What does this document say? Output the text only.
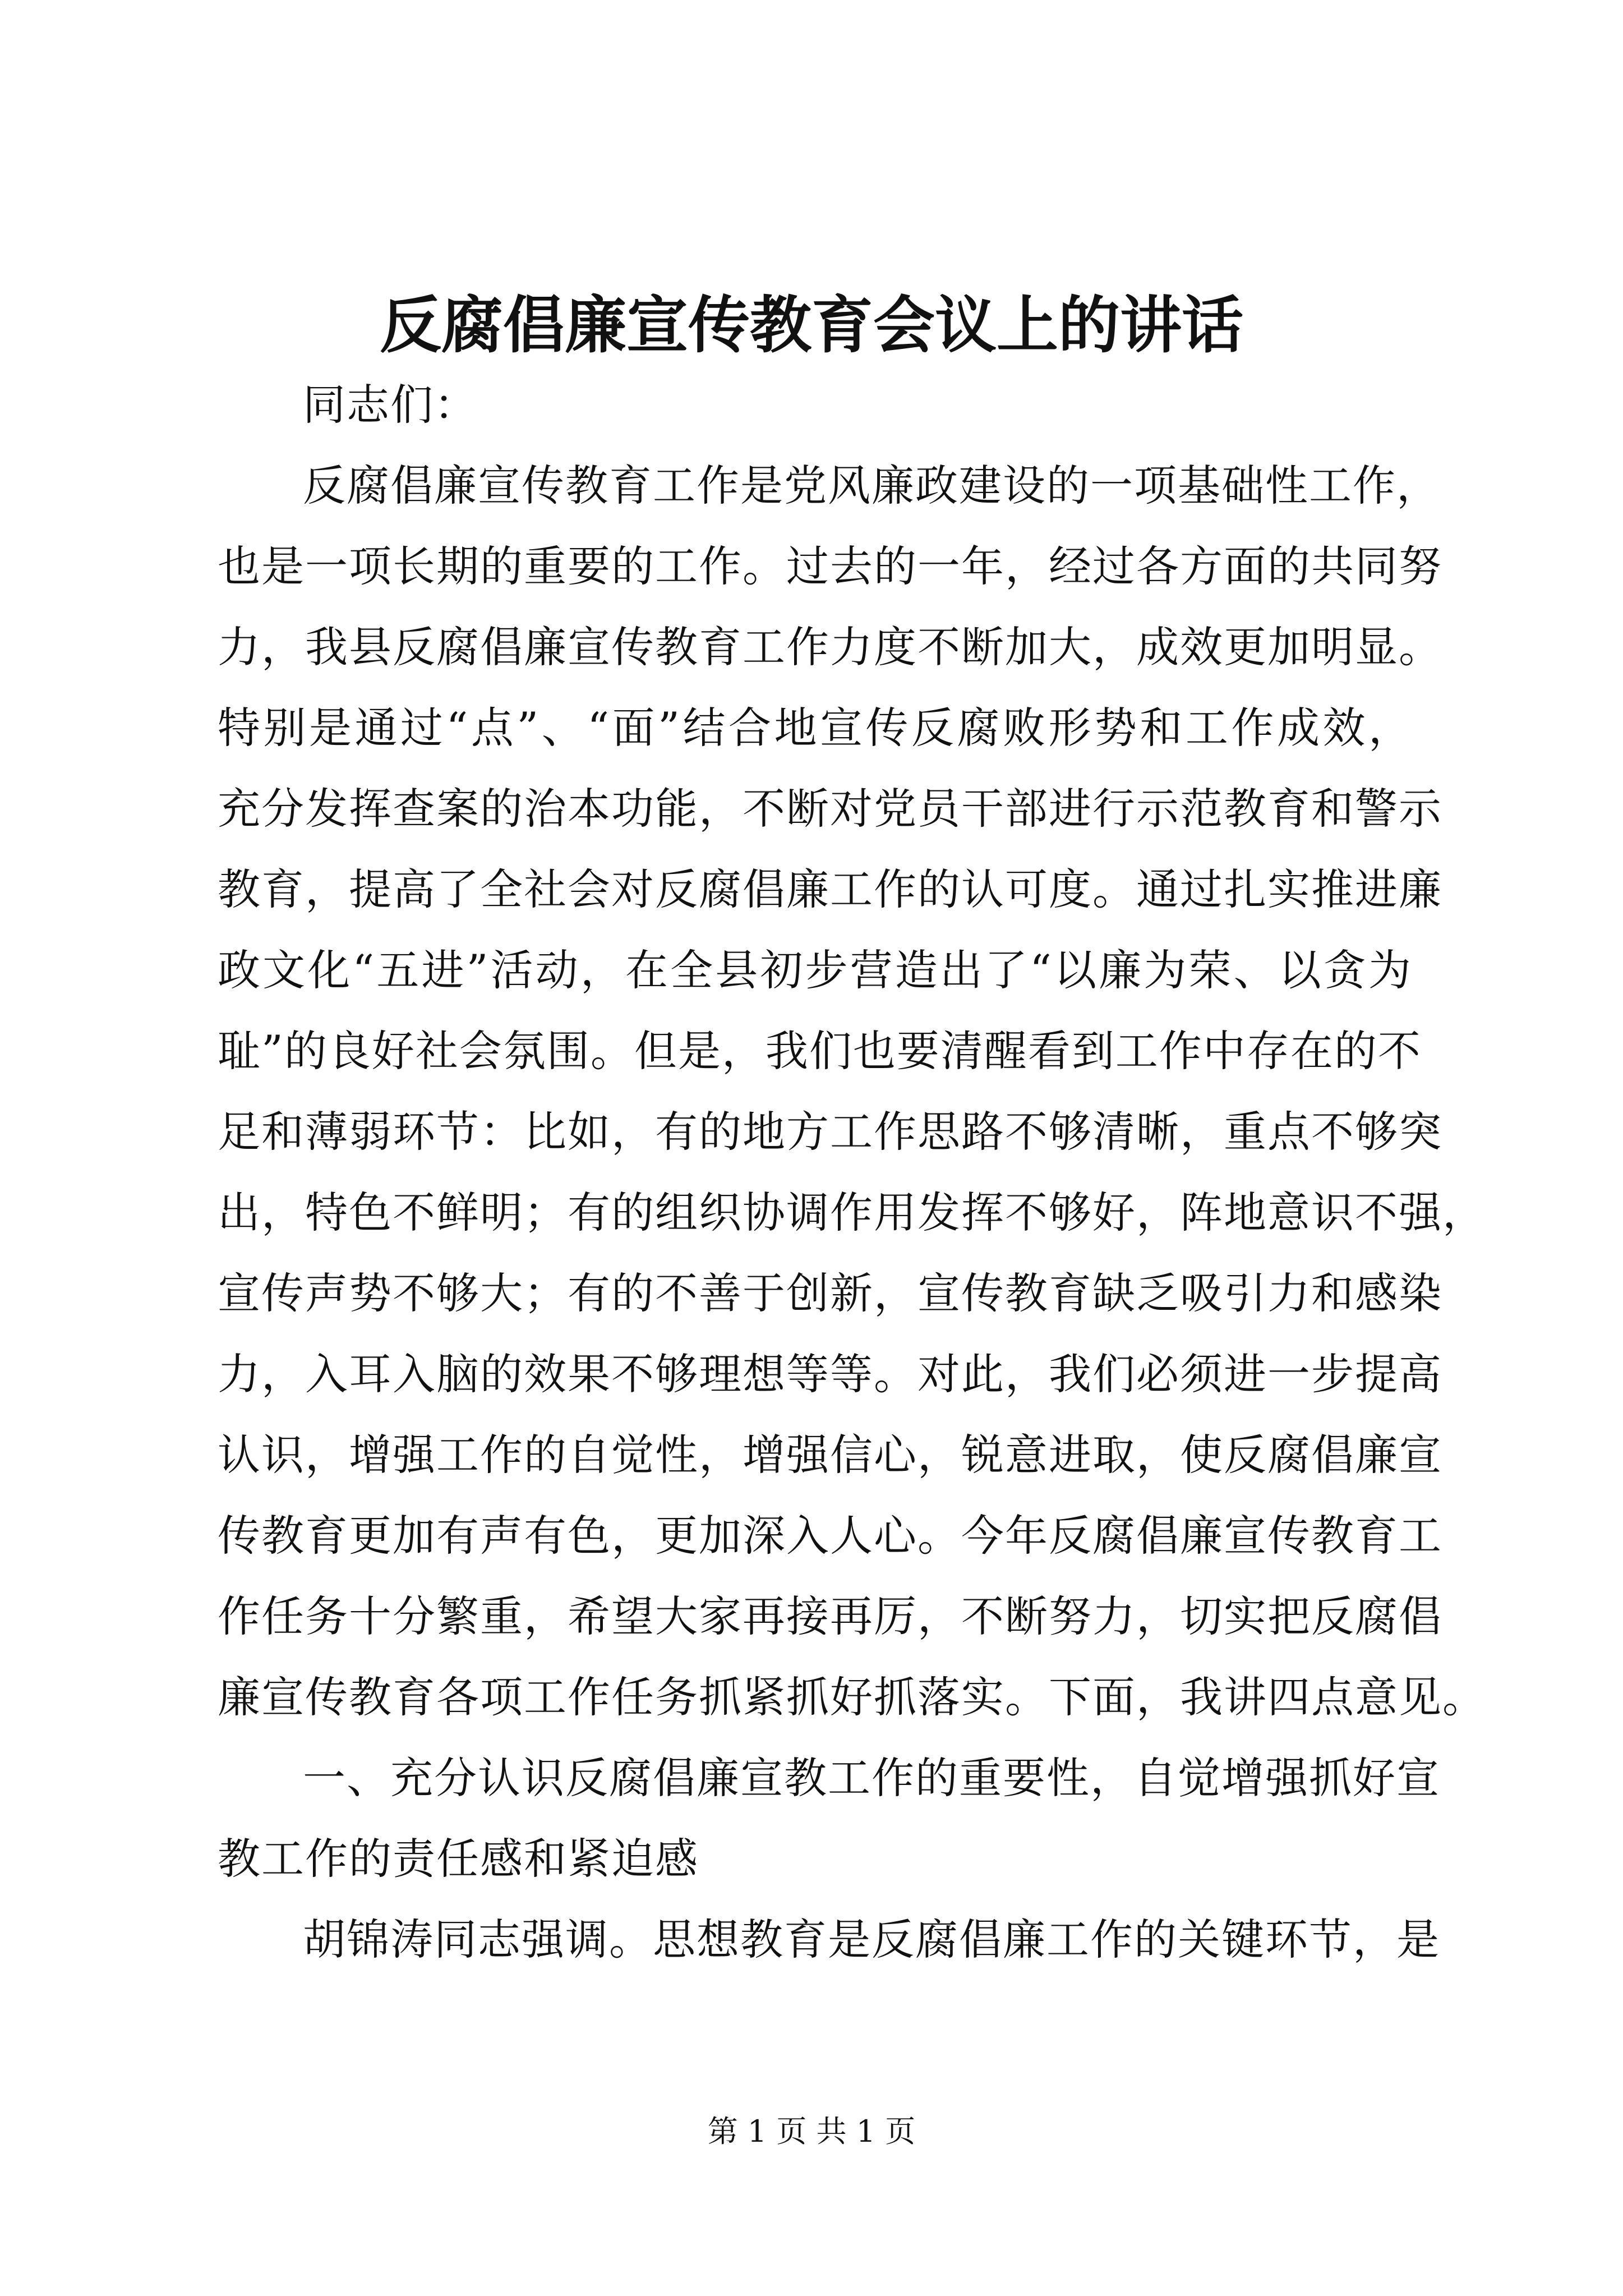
反腐倡廉宣传教育会议上的讲话
同志们：
反腐倡廉宣传教育工作是党风廉政建设的一项基础性工作，
也是一项长期的重要的工作。过去的一年，经过各方面的共同努
力，我县反腐倡廉宣传教育工作力度不断加大，成效更加明显。
特别是通过“点”、“面”结合地宣传反腐败形势和工作成效，
充分发挥查案的治本功能，不断对党员干部进行示范教育和警示
教育，提高了全社会对反腐倡廉工作的认可度。通过扎实推进廉
政文化“五进”活动，在全县初步营造出了“以廉为荣、以贪为
耻”的良好社会氛围。但是，我们也要清醒看到工作中存在的不
足和薄弱环节：比如，有的地方工作思路不够清晰，重点不够突
出，特色不鲜明；有的组织协调作用发挥不够好，阵地意识不强，
宣传声势不够大；有的不善于创新，宣传教育缺乏吸引力和感染
力，入耳入脑的效果不够理想等等。对此，我们必须进一步提高
认识，增强工作的自觉性，增强信心，锐意进取，使反腐倡廉宣
传教育更加有声有色，更加深入人心。今年反腐倡廉宣传教育工
作任务十分繁重，希望大家再接再厉，不断努力，切实把反腐倡
廉宣传教育各项工作任务抓紧抓好抓落实。下面，我讲四点意见。
一、充分认识反腐倡廉宣教工作的重要性，自觉增强抓好宣
教工作的责任感和紧迫感
胡锦涛同志强调。思想教育是反腐倡廉工作的关键环节，是
第 1 页 共 1 页
